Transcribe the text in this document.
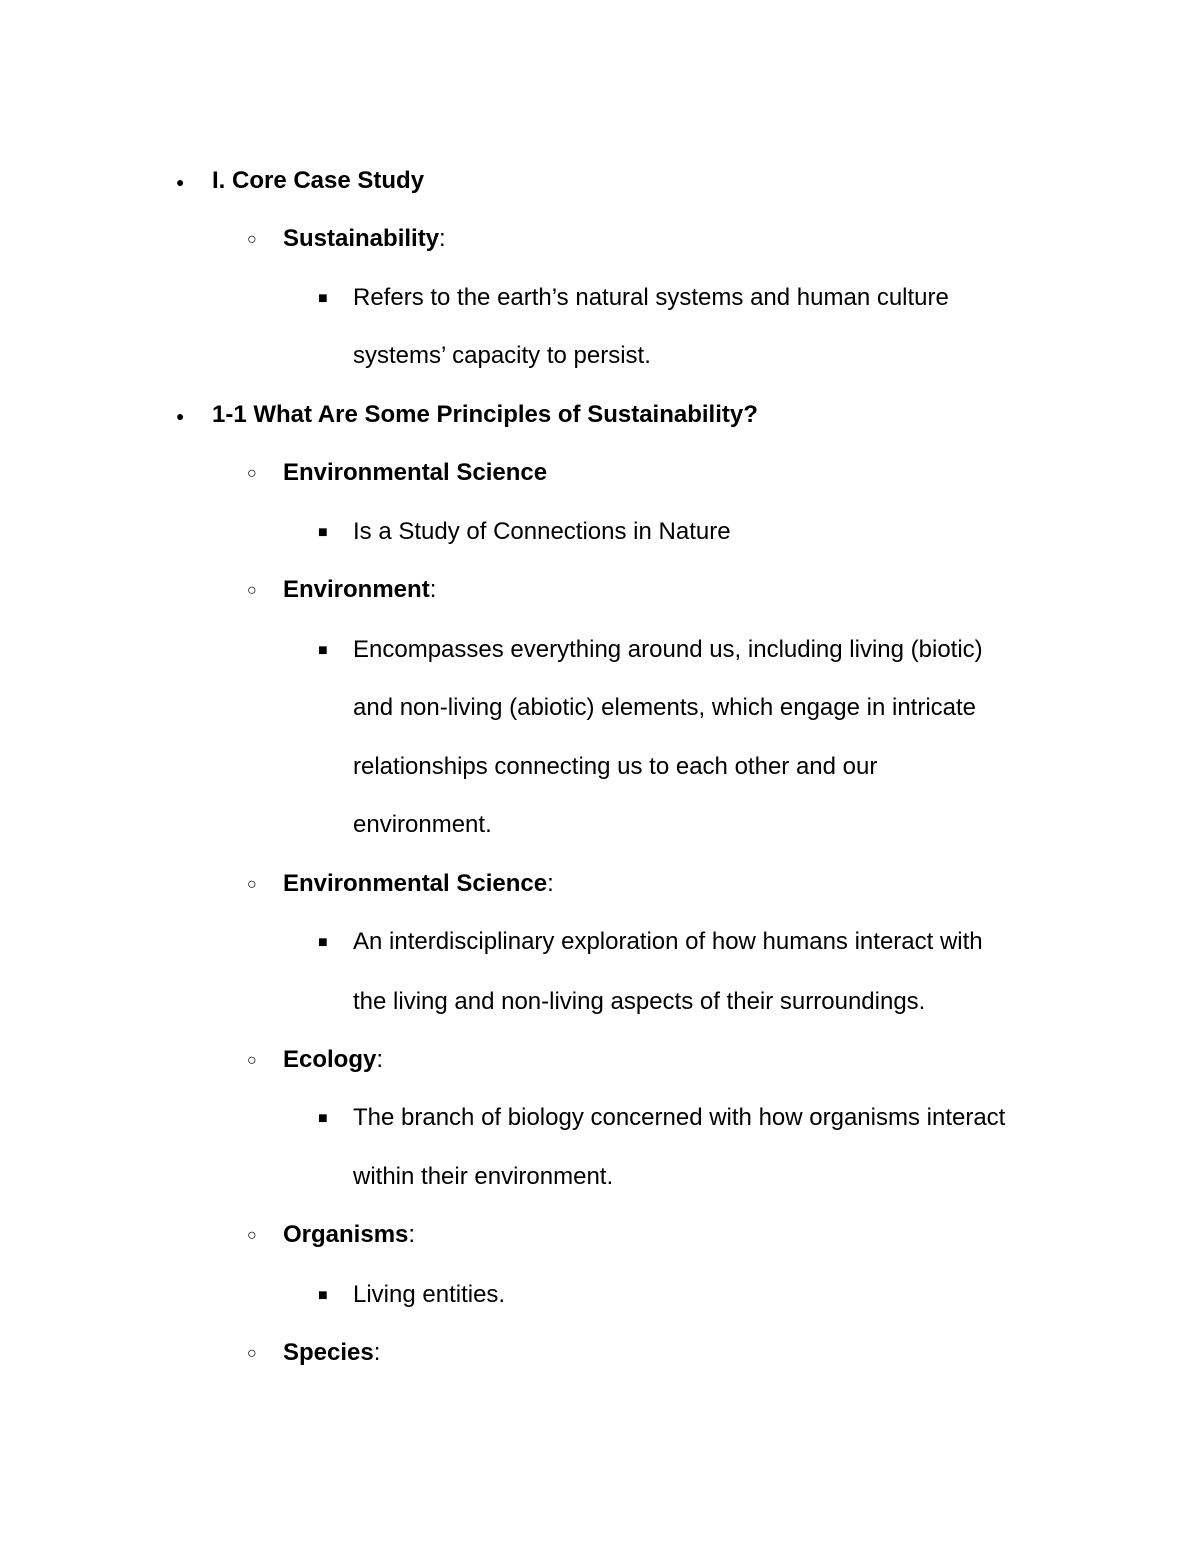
● I. Core Case Study
○ Sustainability:
■ Refers to the earth’s natural systems and human culture
systems’ capacity to persist.
● 1-1 What Are Some Principles of Sustainability?
○ Environmental Science
■ Is a Study of Connections in Nature
○ Environment:
■ Encompasses everything around us, including living (biotic)
and non-living (abiotic) elements, which engage in intricate
relationships connecting us to each other and our
environment.
○ Environmental Science:
■ An interdisciplinary exploration of how humans interact with
the living and non-living aspects of their surroundings.
○ Ecology:
■ The branch of biology concerned with how organisms interact
within their environment.
○ Organisms:
■ Living entities.
○ Species:
